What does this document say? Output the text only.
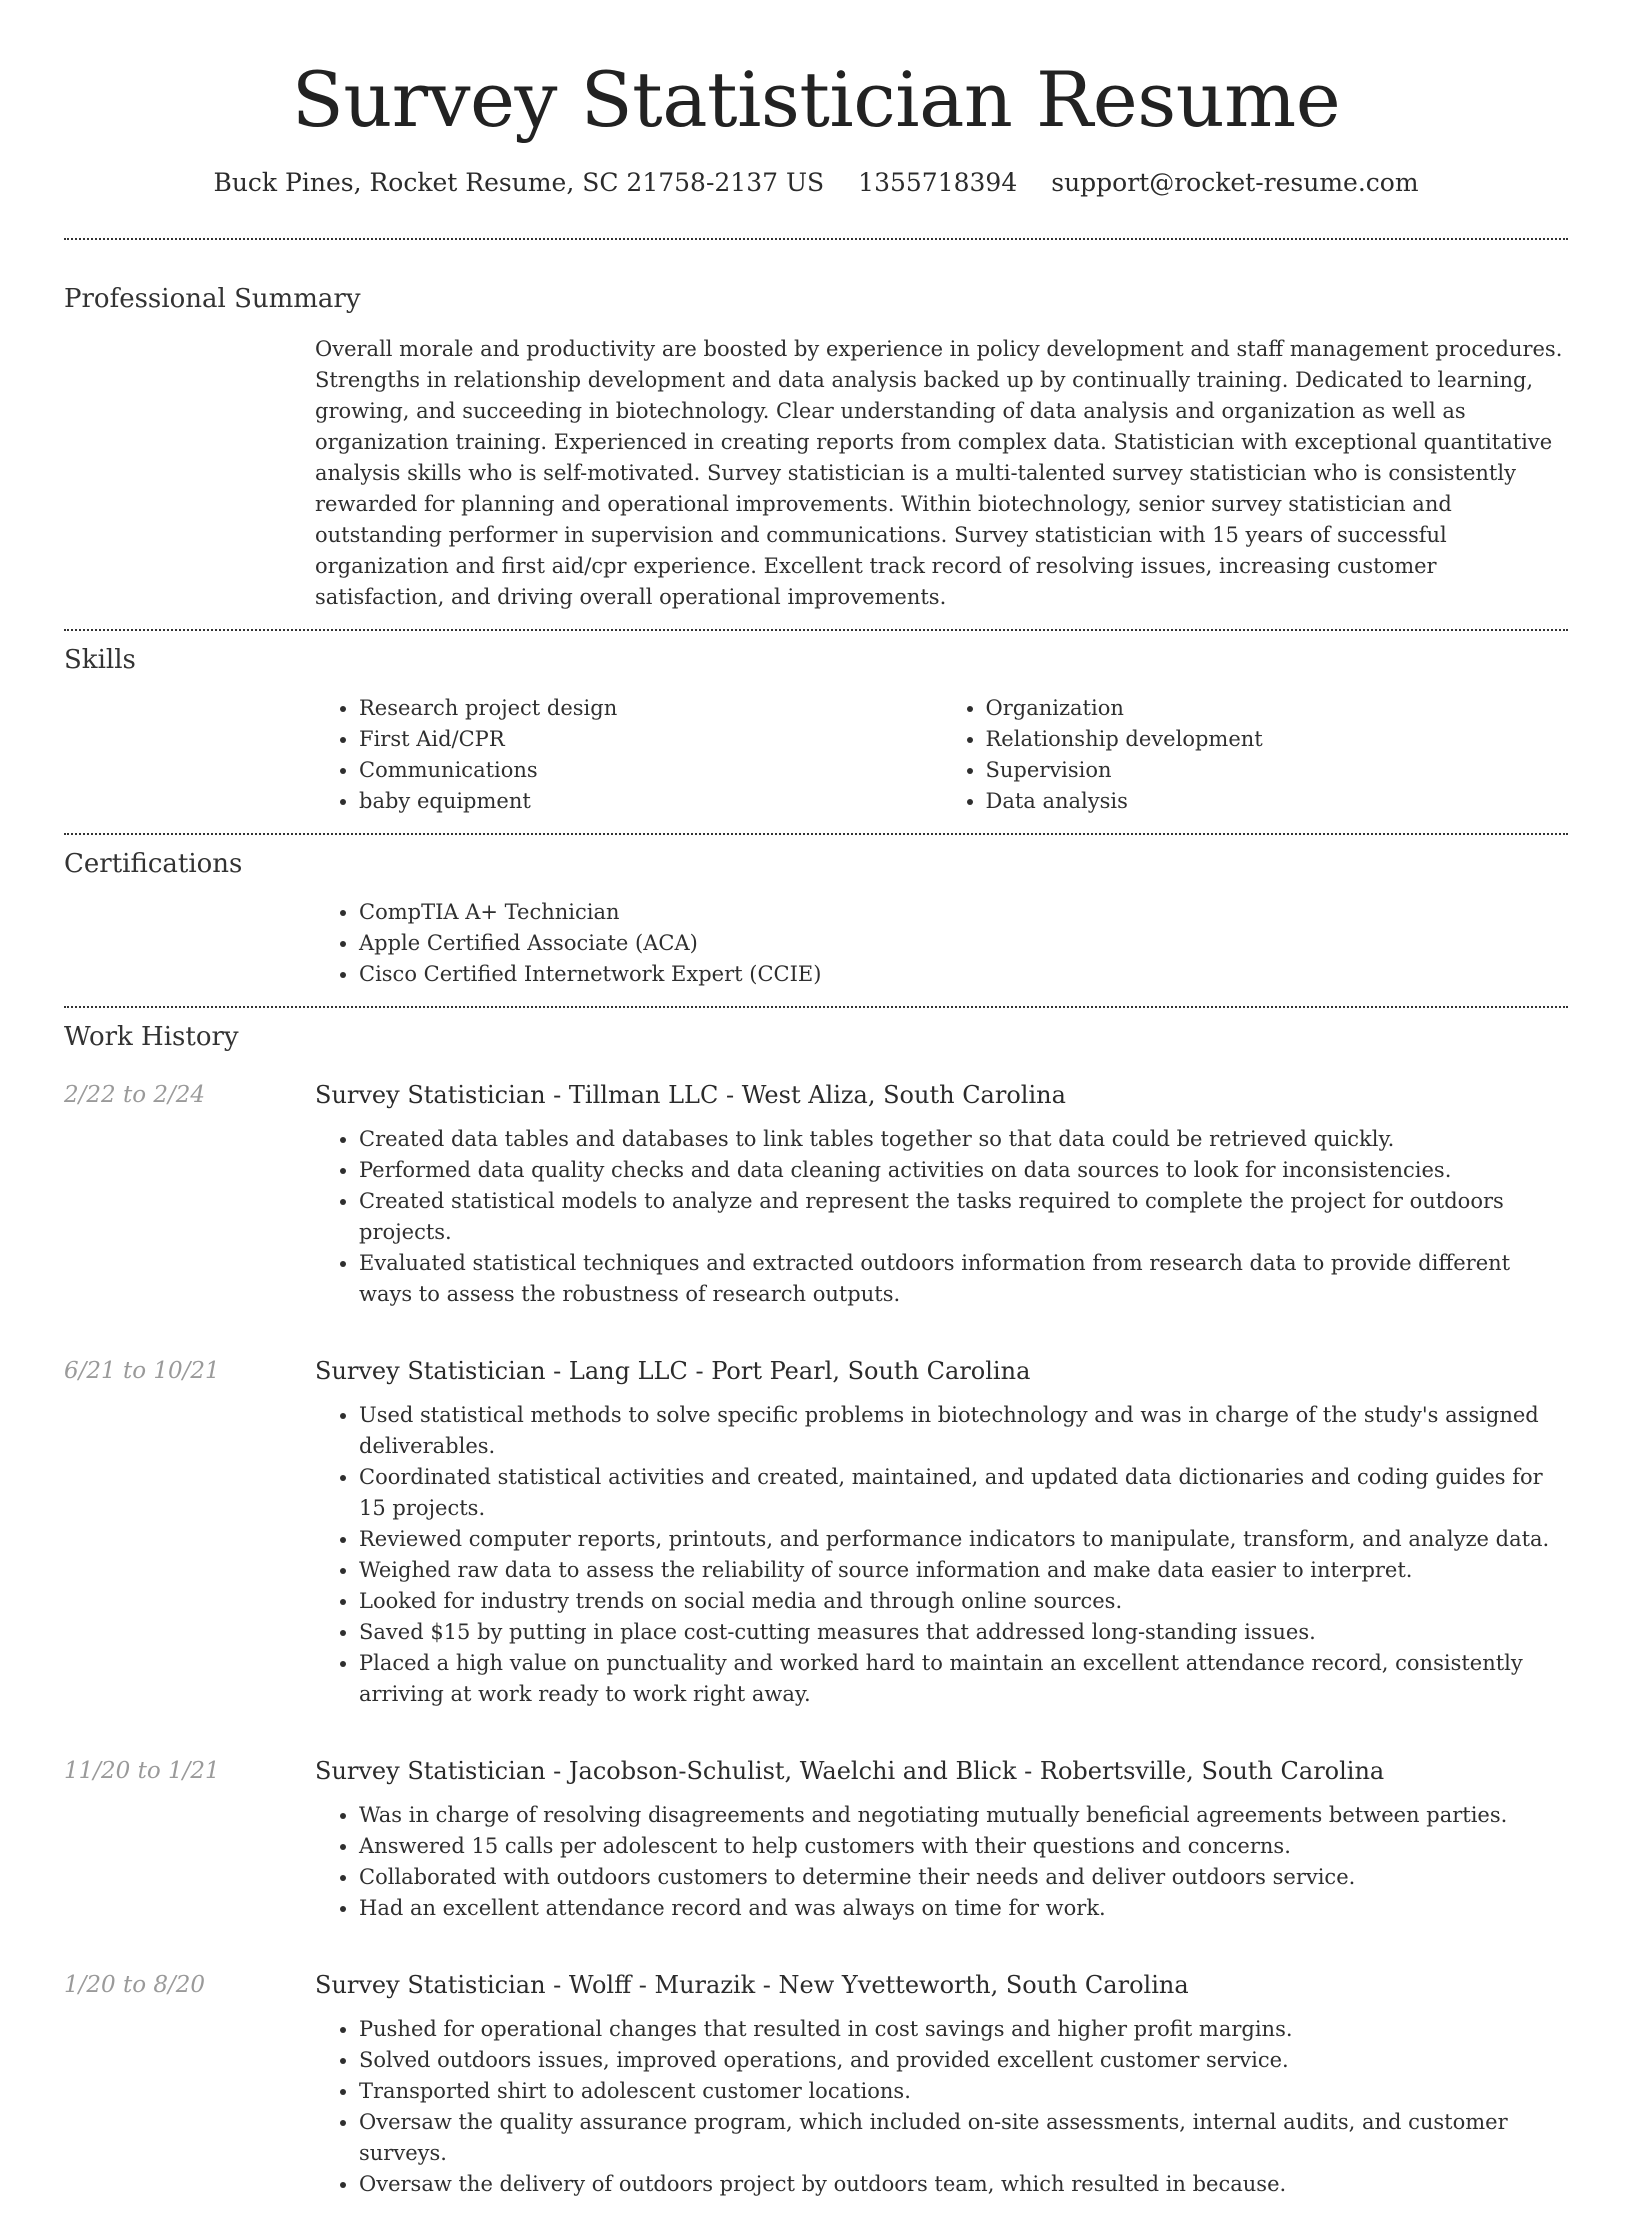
Survey Statistician Resume
Buck Pines, Rocket Resume, SC 21758-2137 US 1355718394 support@rocket-resume.com
Professional Summary
Overall morale and productivity are boosted by experience in policy development and staff management procedures. Strengths in relationship development and data analysis backed up by continually training. Dedicated to learning, growing, and succeeding in biotechnology. Clear understanding of data analysis and organization as well as organization training. Experienced in creating reports from complex data. Statistician with exceptional quantitative analysis skills who is self-motivated. Survey statistician is a multi-talented survey statistician who is consistently rewarded for planning and operational improvements. Within biotechnology, senior survey statistician and outstanding performer in supervision and communications. Survey statistician with 15 years of successful organization and first aid/cpr experience. Excellent track record of resolving issues, increasing customer satisfaction, and driving overall operational improvements.
Skills
• Research project design
• First Aid/CPR
• Communications
• baby equipment
• Organization
• Relationship development
• Supervision
• Data analysis
Certifications
• CompTIA A+ Technician
• Apple Certified Associate (ACA)
• Cisco Certified Internetwork Expert (CCIE)
Work History
2/22 to 2/24	Survey Statistician - Tillman LLC - West Aliza, South Carolina
• Created data tables and databases to link tables together so that data could be retrieved quickly.
• Performed data quality checks and data cleaning activities on data sources to look for inconsistencies.
• Created statistical models to analyze and represent the tasks required to complete the project for outdoors projects.
• Evaluated statistical techniques and extracted outdoors information from research data to provide different ways to assess the robustness of research outputs.
6/21 to 10/21	Survey Statistician - Lang LLC - Port Pearl, South Carolina
• Used statistical methods to solve specific problems in biotechnology and was in charge of the study's assigned deliverables.
• Coordinated statistical activities and created, maintained, and updated data dictionaries and coding guides for 15 projects.
• Reviewed computer reports, printouts, and performance indicators to manipulate, transform, and analyze data.
• Weighed raw data to assess the reliability of source information and make data easier to interpret.
• Looked for industry trends on social media and through online sources.
• Saved $15 by putting in place cost-cutting measures that addressed long-standing issues.
• Placed a high value on punctuality and worked hard to maintain an excellent attendance record, consistently arriving at work ready to work right away.
11/20 to 1/21	Survey Statistician - Jacobson-Schulist, Waelchi and Blick - Robertsville, South Carolina
• Was in charge of resolving disagreements and negotiating mutually beneficial agreements between parties.
• Answered 15 calls per adolescent to help customers with their questions and concerns.
• Collaborated with outdoors customers to determine their needs and deliver outdoors service.
• Had an excellent attendance record and was always on time for work.
1/20 to 8/20	Survey Statistician - Wolff - Murazik - New Yvetteworth, South Carolina
• Pushed for operational changes that resulted in cost savings and higher profit margins.
• Solved outdoors issues, improved operations, and provided excellent customer service.
• Transported shirt to adolescent customer locations.
• Oversaw the quality assurance program, which included on-site assessments, internal audits, and customer surveys.
• Oversaw the delivery of outdoors project by outdoors team, which resulted in because.
